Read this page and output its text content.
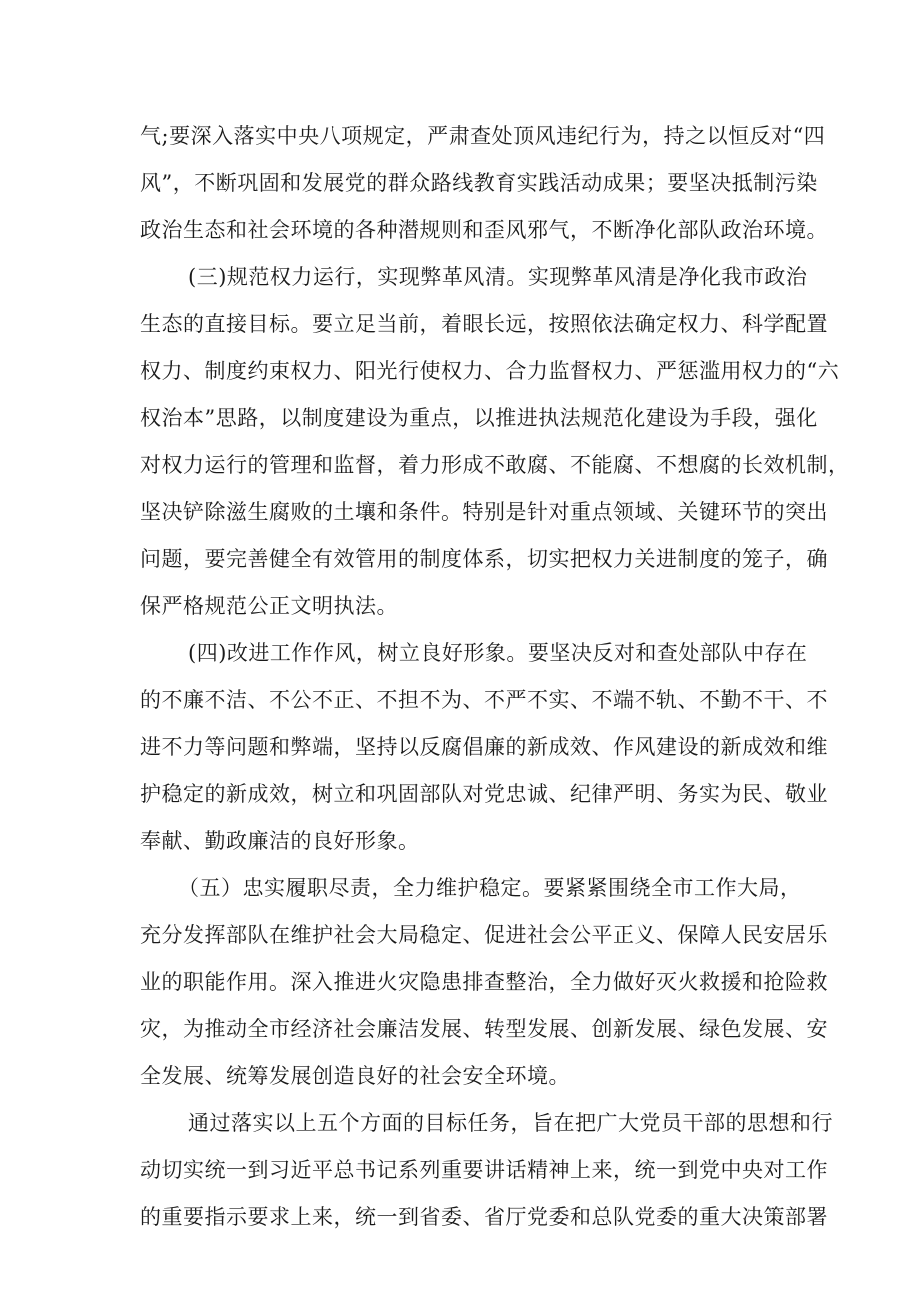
气;要深入落实中央八项规定，严肃查处顶风违纪行为，持之以恒反对“四
风”，不断巩固和发展党的群众路线教育实践活动成果；要坚决抵制污染
政治生态和社会环境的各种潜规则和歪风邪气，不断净化部队政治环境。
(三)规范权力运行，实现弊革风清。实现弊革风清是净化我市政治
生态的直接目标。要立足当前，着眼长远，按照依法确定权力、科学配置
权力、制度约束权力、阳光行使权力、合力监督权力、严惩滥用权力的“六
权治本”思路，以制度建设为重点，以推进执法规范化建设为手段，强化
对权力运行的管理和监督，着力形成不敢腐、不能腐、不想腐的长效机制，
坚决铲除滋生腐败的土壤和条件。特别是针对重点领域、关键环节的突出
问题，要完善健全有效管用的制度体系，切实把权力关进制度的笼子，确
保严格规范公正文明执法。
(四)改进工作作风，树立良好形象。要坚决反对和查处部队中存在
的不廉不洁、不公不正、不担不为、不严不实、不端不轨、不勤不干、不
进不力等问题和弊端，坚持以反腐倡廉的新成效、作风建设的新成效和维
护稳定的新成效，树立和巩固部队对党忠诚、纪律严明、务实为民、敬业
奉献、勤政廉洁的良好形象。
（五）忠实履职尽责，全力维护稳定。要紧紧围绕全市工作大局，
充分发挥部队在维护社会大局稳定、促进社会公平正义、保障人民安居乐
业的职能作用。深入推进火灾隐患排查整治，全力做好灭火救援和抢险救
灾，为推动全市经济社会廉洁发展、转型发展、创新发展、绿色发展、安
全发展、统筹发展创造良好的社会安全环境。
通过落实以上五个方面的目标任务，旨在把广大党员干部的思想和行
动切实统一到习近平总书记系列重要讲话精神上来，统一到党中央对工作
的重要指示要求上来，统一到省委、省厅党委和总队党委的重大决策部署
